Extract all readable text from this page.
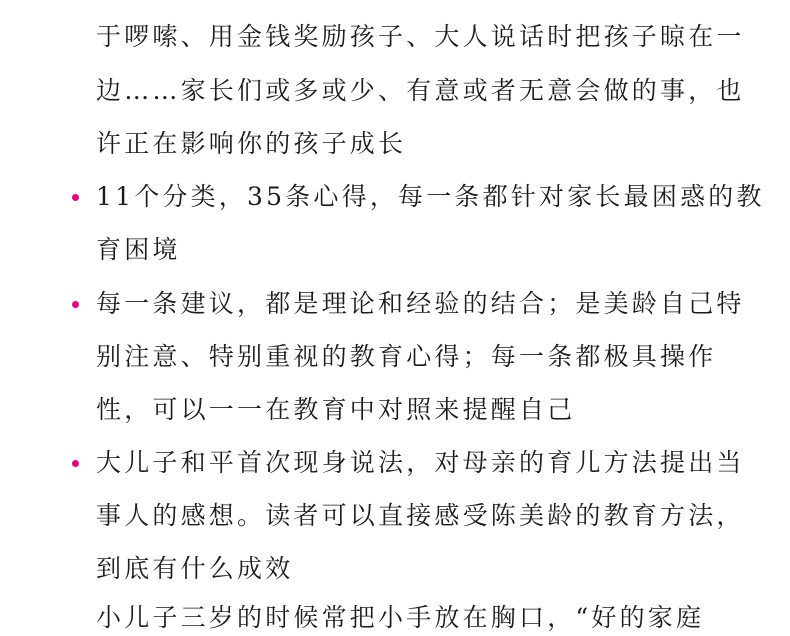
于啰嗦、用金钱奖励孩子、大人说话时把孩子晾在一
边……家长们或多或少、有意或者无意会做的事，也
许正在影响你的孩子成长
11个分类，35条心得，每一条都针对家长最困惑的教
育困境
每一条建议，都是理论和经验的结合；是美龄自己特
别注意、特别重视的教育心得；每一条都极具操作
性，可以一一在教育中对照来提醒自己
大儿子和平首次现身说法，对母亲的育儿方法提出当
事人的感想。读者可以直接感受陈美龄的教育方法，
到底有什么成效
小儿子三岁的时候常把小手放在胸口，“好的家庭
